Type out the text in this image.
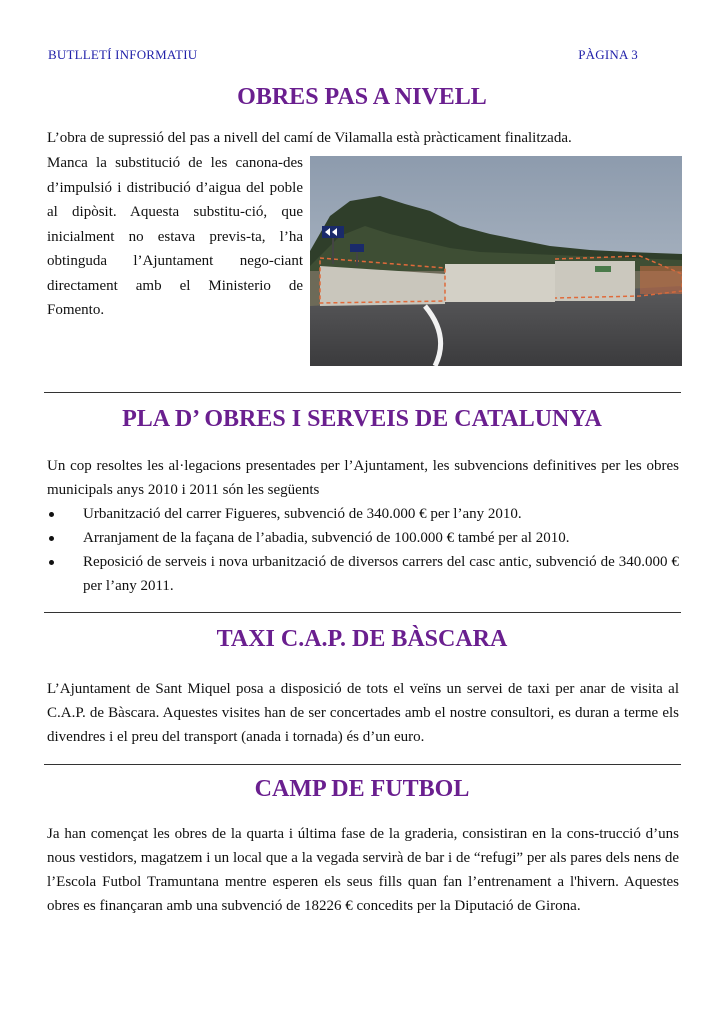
BUTLLETÍ INFORMATIU	PÀGINA 3
OBRES PAS A NIVELL

L’obra de supressió del pas a nivell del camí de Vilamalla està pràcticament finalitzada.

Manca la substitució de les canona-des d’impulsió i distribució d’aigua del poble al dipòsit. Aquesta substitu-ció, que inicialment no estava previs-ta, l’ha obtinguda l’Ajuntament nego-ciant directament amb el Ministerio de Fomento.

PLA D’ OBRES I SERVEIS DE CATALUNYA

Un cop resoltes les al·legacions presentades per l’Ajuntament, les subvencions definitives per les obres municipals anys 2010 i 2011 són les següents

Urbanització del carrer Figueres, subvenció de 340.000 € per l’any 2010.
Arranjament de la façana de l’abadia, subvenció de 100.000 € també per al 2010.
Reposició de serveis i nova urbanització de diversos carrers del casc antic, subvenció de 340.000 € per l’any 2011.
TAXI C.A.P. DE BÀSCARA

L’Ajuntament de Sant Miquel posa a disposició de tots el veïns un servei de taxi per anar de visita al C.A.P. de Bàscara. Aquestes visites han de ser concertades amb el nostre consultori, es duran a terme els divendres i el preu del transport (anada i tornada) és d’un euro.

CAMP DE FUTBOL

Ja han començat les obres de la quarta i última fase de la graderia, consistiran en la cons-trucció d’uns nous vestidors, magatzem i un local que a la vegada servirà de bar i de “refugi” per als pares dels nens de l’Escola Futbol Tramuntana mentre esperen els seus fills quan fan l’entrenament a l'hivern. Aquestes obres es finançaran amb una subvenció de 18226 € concedits per la Diputació de Girona.
